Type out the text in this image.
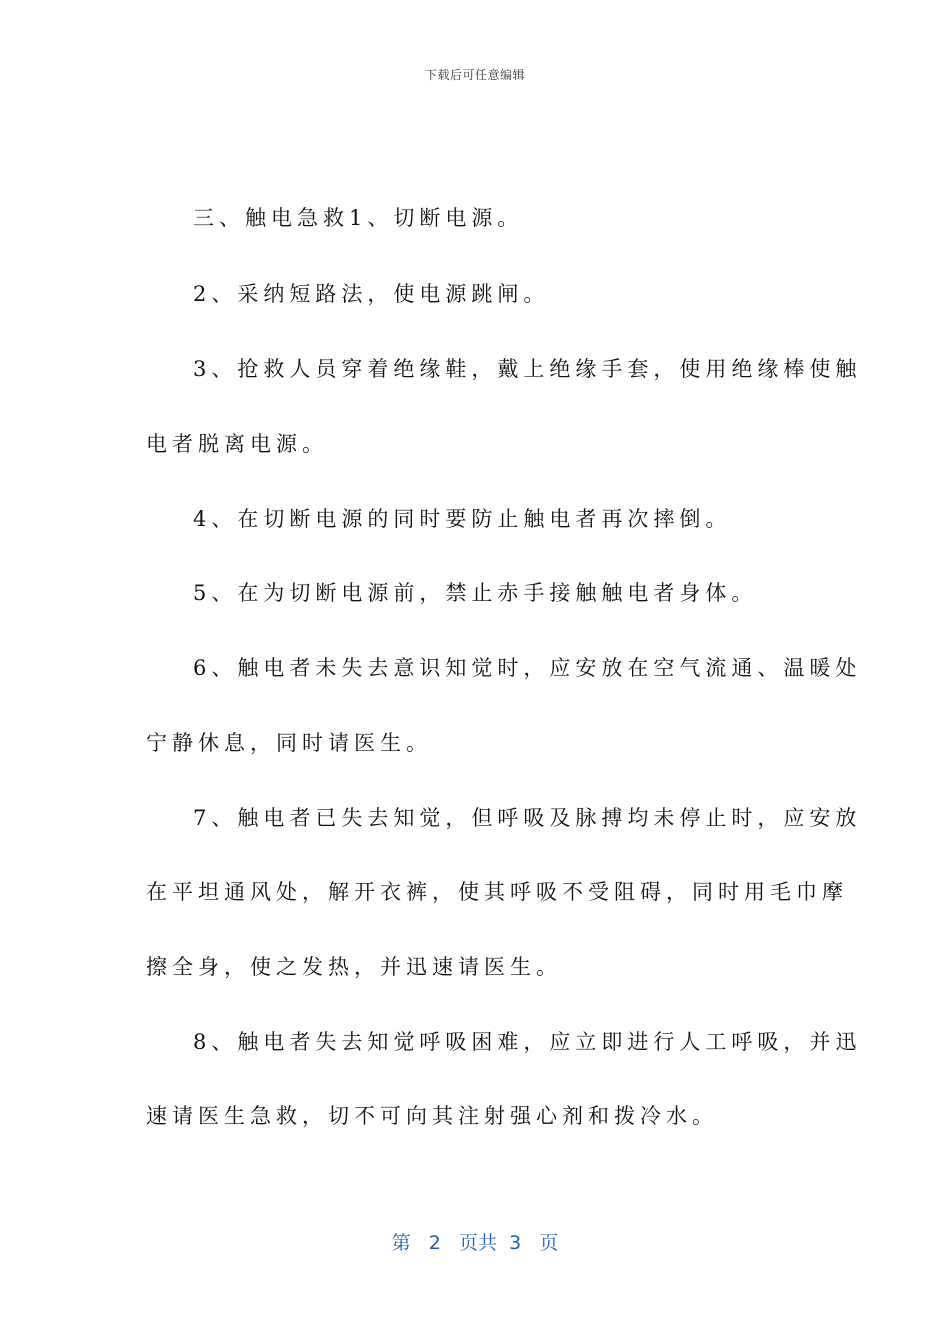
下载后可任意编辑
三、触电急救1、切断电源。
2、采纳短路法，使电源跳闸。
3、抢救人员穿着绝缘鞋，戴上绝缘手套，使用绝缘棒使触
电者脱离电源。
4、在切断电源的同时要防止触电者再次摔倒。
5、在为切断电源前，禁止赤手接触触电者身体。
6、触电者未失去意识知觉时，应安放在空气流通、温暖处
宁静休息，同时请医生。
7、触电者已失去知觉，但呼吸及脉搏均未停止时，应安放
在平坦通风处，解开衣裤，使其呼吸不受阻碍，同时用毛巾摩
擦全身，使之发热，并迅速请医生。
8、触电者失去知觉呼吸困难，应立即进行人工呼吸，并迅
速请医生急救，切不可向其注射强心剂和拨冷水。
第 2 页共 3 页
